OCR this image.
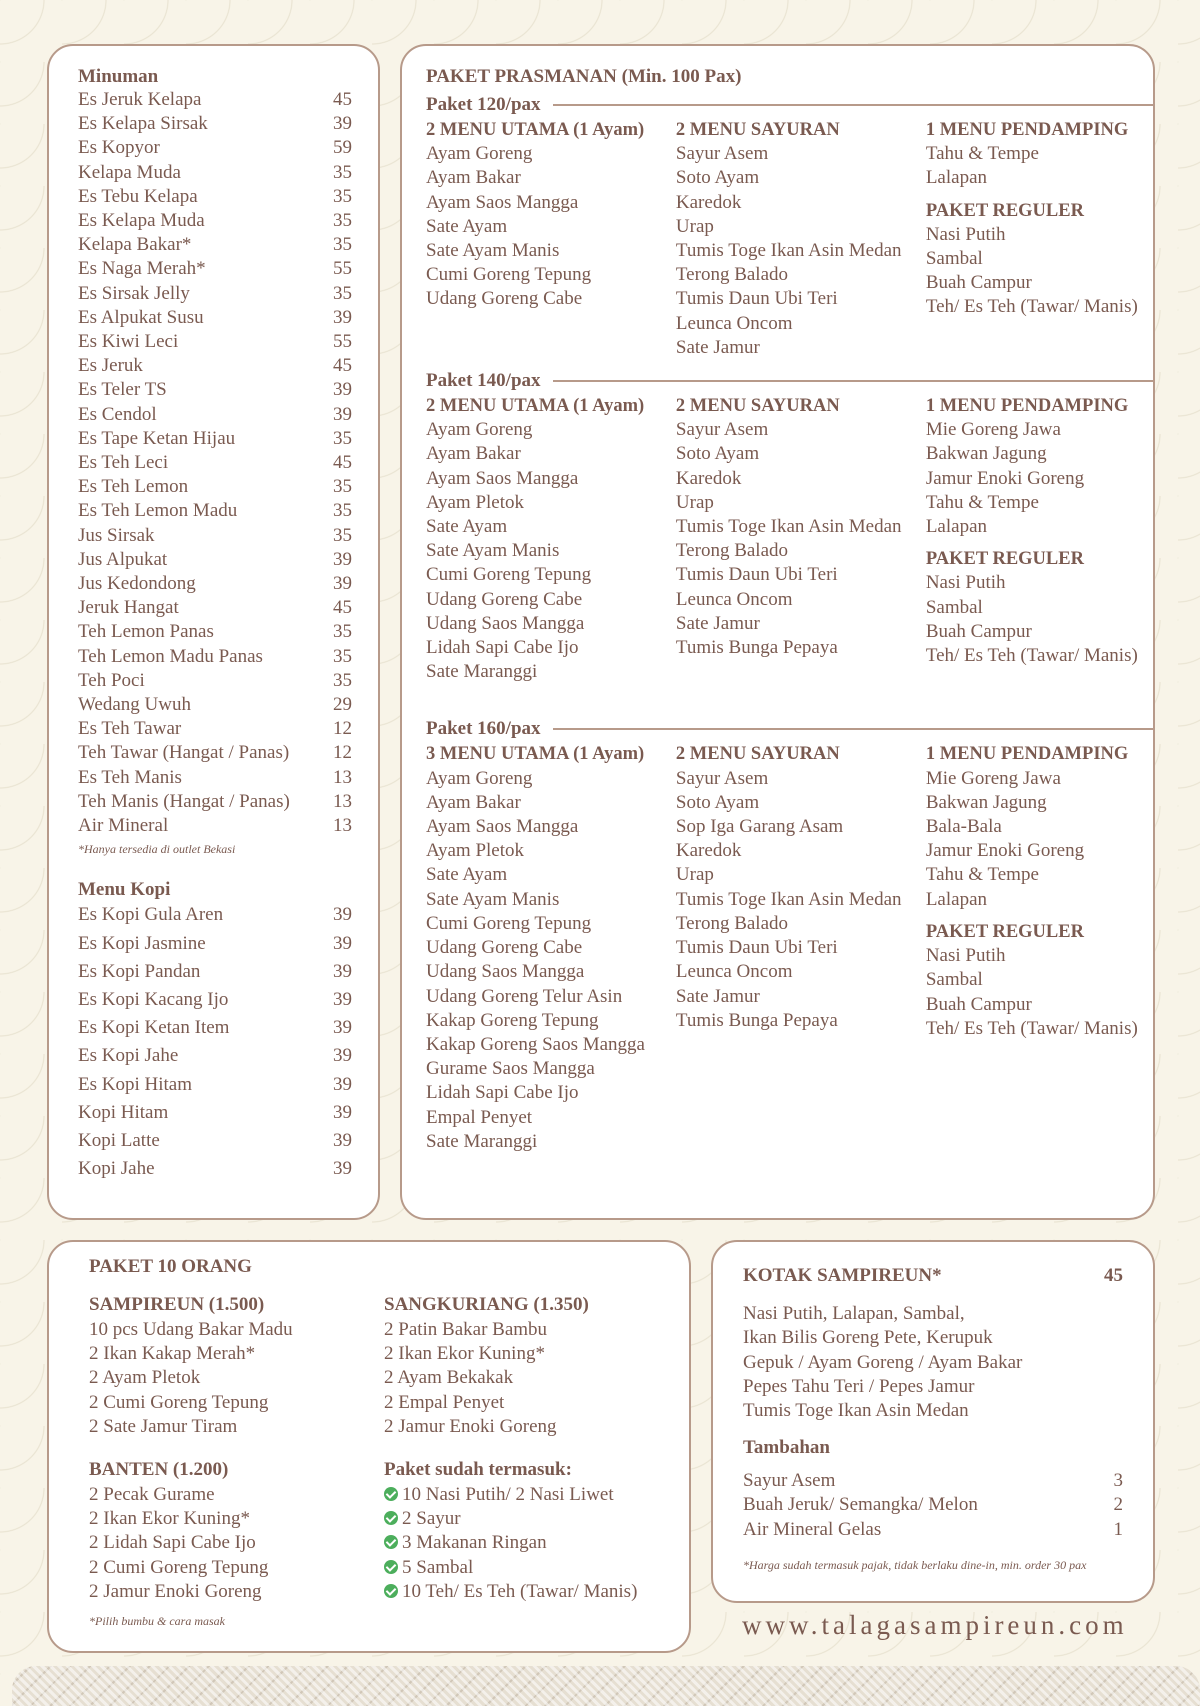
Minuman
Es Jeruk Kelapa	45
Es Kelapa Sirsak	39
Es Kopyor	59
Kelapa Muda	35
Es Tebu Kelapa	35
Es Kelapa Muda	35
Kelapa Bakar*	35
Es Naga Merah*	55
Es Sirsak Jelly	35
Es Alpukat Susu	39
Es Kiwi Leci	55
Es Jeruk	45
Es Teler TS	39
Es Cendol	39
Es Tape Ketan Hijau	35
Es Teh Leci	45
Es Teh Lemon	35
Es Teh Lemon Madu	35
Jus Sirsak	35
Jus Alpukat	39
Jus Kedondong	39
Jeruk Hangat	45
Teh Lemon Panas	35
Teh Lemon Madu Panas	35
Teh Poci	35
Wedang Uwuh	29
Es Teh Tawar	12
Teh Tawar (Hangat / Panas) 12
Es Teh Manis	13
Teh Manis (Hangat / Panas) 13
Air Mineral	13
*Hanya tersedia di outlet Bekasi
Menu Kopi
Es Kopi Gula Aren	39
Es Kopi Jasmine	39
Es Kopi Pandan	39
Es Kopi Kacang Ijo	39
Es Kopi Ketan Item	39
Es Kopi Jahe	39
Es Kopi Hitam	39
Kopi Hitam	39
Kopi Latte	39
Kopi Jahe	39
PAKET PRASMANAN (Min. 100 Pax)
Paket 120/pax
2 MENU UTAMA (1 Ayam)
Ayam Goreng
Ayam Bakar
Ayam Saos Mangga
Sate Ayam
Sate Ayam Manis
Cumi Goreng Tepung
Udang Goreng Cabe
2 MENU SAYURAN
Sayur Asem
Soto Ayam
Karedok
Urap
Tumis Toge Ikan Asin Medan
Terong Balado
Tumis Daun Ubi Teri
Leunca Oncom
Sate Jamur
1 MENU PENDAMPING
Tahu & Tempe
Lalapan
PAKET REGULER
Nasi Putih
Sambal
Buah Campur
Teh/ Es Teh (Tawar/ Manis)
Paket 140/pax
2 MENU UTAMA (1 Ayam)
Ayam Goreng
Ayam Bakar
Ayam Saos Mangga
Ayam Pletok
Sate Ayam
Sate Ayam Manis
Cumi Goreng Tepung
Udang Goreng Cabe
Udang Saos Mangga
Lidah Sapi Cabe Ijo
Sate Maranggi
2 MENU SAYURAN
Sayur Asem
Soto Ayam
Karedok
Urap
Tumis Toge Ikan Asin Medan
Terong Balado
Tumis Daun Ubi Teri
Leunca Oncom
Sate Jamur
Tumis Bunga Pepaya
1 MENU PENDAMPING
Mie Goreng Jawa
Bakwan Jagung
Jamur Enoki Goreng
Tahu & Tempe
Lalapan
PAKET REGULER
Nasi Putih
Sambal
Buah Campur
Teh/ Es Teh (Tawar/ Manis)
Paket 160/pax
3 MENU UTAMA (1 Ayam)
Ayam Goreng
Ayam Bakar
Ayam Saos Mangga
Ayam Pletok
Sate Ayam
Sate Ayam Manis
Cumi Goreng Tepung
Udang Goreng Cabe
Udang Saos Mangga
Udang Goreng Telur Asin
Kakap Goreng Tepung
Kakap Goreng Saos Mangga
Gurame Saos Mangga
Lidah Sapi Cabe Ijo
Empal Penyet
Sate Maranggi
2 MENU SAYURAN
Sayur Asem
Soto Ayam
Sop Iga Garang Asam
Karedok
Urap
Tumis Toge Ikan Asin Medan
Terong Balado
Tumis Daun Ubi Teri
Leunca Oncom
Sate Jamur
Tumis Bunga Pepaya
1 MENU PENDAMPING
Mie Goreng Jawa
Bakwan Jagung
Bala-Bala
Jamur Enoki Goreng
Tahu & Tempe
Lalapan
PAKET REGULER
Nasi Putih
Sambal
Buah Campur
Teh/ Es Teh (Tawar/ Manis)
PAKET 10 ORANG
SAMPIREUN (1.500)
10 pcs Udang Bakar Madu
2 Ikan Kakap Merah*
2 Ayam Pletok
2 Cumi Goreng Tepung
2 Sate Jamur Tiram
SANGKURIANG (1.350)
2 Patin Bakar Bambu
2 Ikan Ekor Kuning*
2 Ayam Bekakak
2 Empal Penyet
2 Jamur Enoki Goreng
BANTEN (1.200)
2 Pecak Gurame
2 Ikan Ekor Kuning*
2 Lidah Sapi Cabe Ijo
2 Cumi Goreng Tepung
2 Jamur Enoki Goreng
Paket sudah termasuk:
10 Nasi Putih/ 2 Nasi Liwet
2 Sayur
3 Makanan Ringan
5 Sambal
10 Teh/ Es Teh (Tawar/ Manis)
*Pilih bumbu & cara masak
KOTAK SAMPIREUN*	45
Nasi Putih, Lalapan, Sambal,
Ikan Bilis Goreng Pete, Kerupuk
Gepuk / Ayam Goreng / Ayam Bakar
Pepes Tahu Teri / Pepes Jamur
Tumis Toge Ikan Asin Medan
Tambahan
Sayur Asem	3
Buah Jeruk/ Semangka/ Melon	2
Air Mineral Gelas	1
*Harga sudah termasuk pajak, tidak berlaku dine-in, min. order 30 pax
www.talagasampireun.com
